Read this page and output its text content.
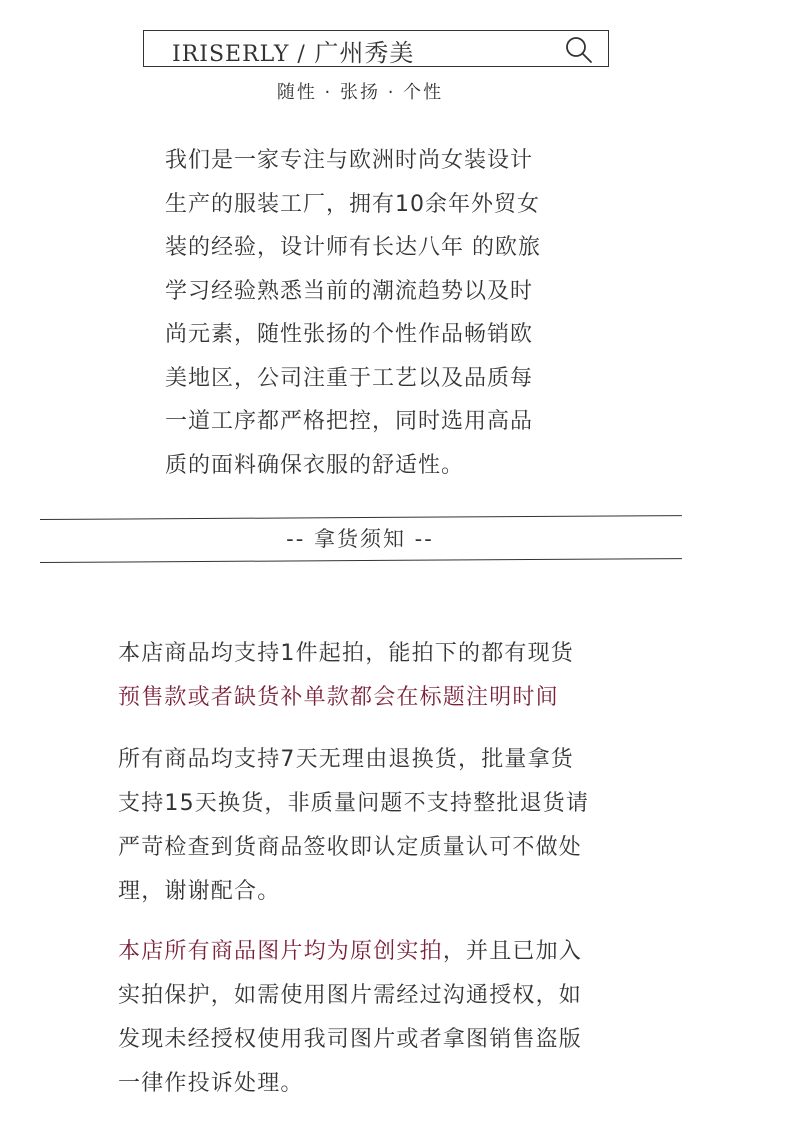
IRISERLY / 广州秀美
随性 · 张扬 · 个性

我们是一家专注与欧洲时尚女装设计

生产的服装工厂，拥有10余年外贸女

装的经验，设计师有长达八年 的欧旅

学习经验熟悉当前的潮流趋势以及时

尚元素，随性张扬的个性作品畅销欧

美地区，公司注重于工艺以及品质每

一道工序都严格把控，同时选用高品

质的面料确保衣服的舒适性。

-- 拿货须知 --
本店商品均支持1件起拍，能拍下的都有现货
预售款或者缺货补单款都会在标题注明时间
所有商品均支持7天无理由退换货，批量拿货
支持15天换货，非质量问题不支持整批退货请
严苛检查到货商品签收即认定质量认可不做处
理，谢谢配合。
本店所有商品图片均为原创实拍，并且已加入
实拍保护，如需使用图片需经过沟通授权，如
发现未经授权使用我司图片或者拿图销售盗版
一律作投诉处理。
